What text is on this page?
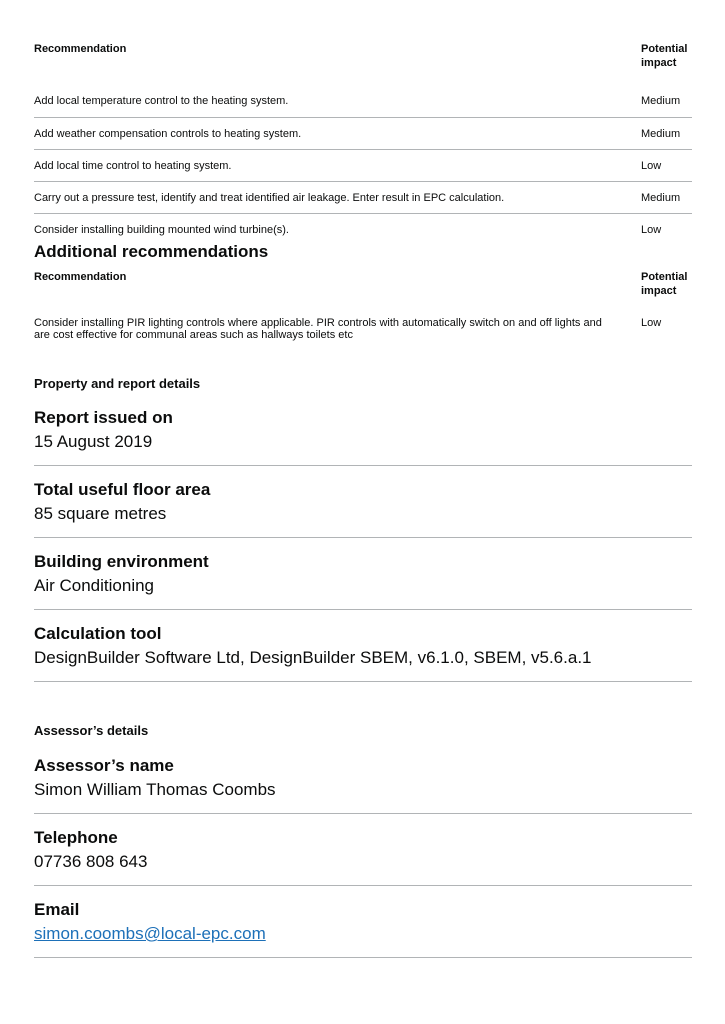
Recommendation	Potential
impact
Add local temperature control to the heating system.	Medium
Add weather compensation controls to heating system.	Medium
Add local time control to heating system.	Low
Carry out a pressure test, identify and treat identified air leakage. Enter result in EPC calculation.	Medium
Consider installing building mounted wind turbine(s).	Low
Additional recommendations
Recommendation	Potential
impact
Consider installing PIR lighting controls where applicable. PIR controls with automatically switch on and off lights and are cost effective for communal areas such as hallways toilets etc	Low
Property and report details
Report issued on
15 August 2019
Total useful floor area
85 square metres
Building environment
Air Conditioning
Calculation tool
DesignBuilder Software Ltd, DesignBuilder SBEM, v6.1.0, SBEM, v5.6.a.1
Assessor’s details
Assessor’s name
Simon William Thomas Coombs
Telephone
07736 808 643
Email
simon.coombs@local-epc.com
